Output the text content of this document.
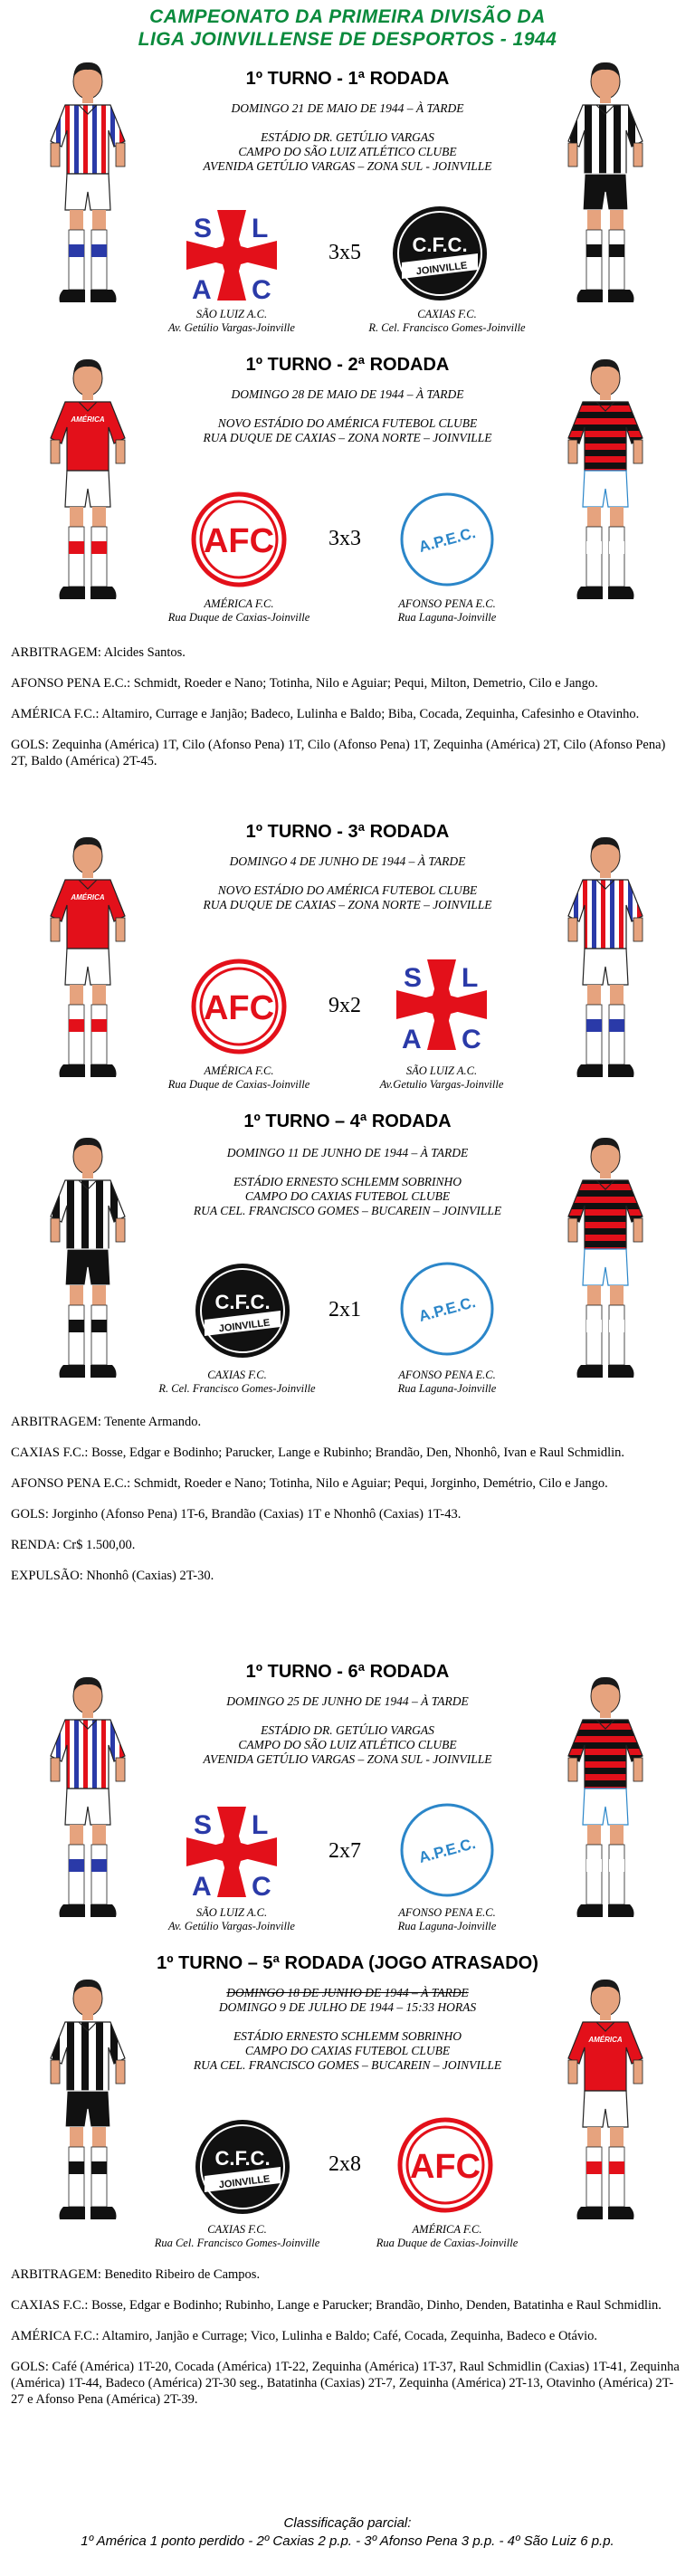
CAMPEONATO DA PRIMEIRA DIVISÃO DA
LIGA JOINVILLENSE DE DESPORTOS - 1944
1º TURNO - 1ª RODADA
DOMINGO 21 DE MAIO DE 1944 – À TARDE
ESTÁDIO DR. GETÚLIO VARGAS
CAMPO DO SÃO LUIZ ATLÉTICO CLUBE
AVENIDA GETÚLIO VARGAS – ZONA SUL - JOINVILLE
S L
A C
3x5	C.F.C.
JOINVILLE
SÃO LUIZ A.C.
Av. Getúlio Vargas-Joinville
CAXIAS F.C.
R. Cel. Francisco Gomes-Joinville
1º TURNO - 2ª RODADA
DOMINGO 28 DE MAIO DE 1944 – À TARDE
NOVO ESTÁDIO DO AMÉRICA FUTEBOL CLUBE
RUA DUQUE DE CAXIAS – ZONA NORTE – JOINVILLE
AMÉRICA
AFC	3x3	A.P.E.C.
AMÉRICA F.C.
Rua Duque de Caxias-Joinville
AFONSO PENA E.C.
Rua Laguna-Joinville

ARBITRAGEM: Alcides Santos.

AFONSO PENA E.C.: Schmidt, Roeder e Nano; Totinha, Nilo e Aguiar; Pequi, Milton, Demetrio, Cilo e Jango.

AMÉRICA F.C.: Altamiro, Currage e Janjão; Badeco, Lulinha e Baldo; Biba, Cocada, Zequinha, Cafesinho e Otavinho.

GOLS: Zequinha (América) 1T, Cilo (Afonso Pena) 1T, Cilo (Afonso Pena) 1T, Zequinha (América) 2T, Cilo (Afonso Pena) 2T, Baldo (América) 2T-45.

1º TURNO - 3ª RODADA
DOMINGO 4 DE JUNHO DE 1944 – À TARDE
NOVO ESTÁDIO DO AMÉRICA FUTEBOL CLUBE
RUA DUQUE DE CAXIAS – ZONA NORTE – JOINVILLE
AMÉRICA
AFC	9x2
S L
A C
AMÉRICA F.C.
Rua Duque de Caxias-Joinville
SÃO LUIZ A.C.
Av.Getulio Vargas-Joinville
1º TURNO – 4ª RODADA
DOMINGO 11 DE JUNHO DE 1944 – À TARDE
ESTÁDIO ERNESTO SCHLEMM SOBRINHO
CAMPO DO CAXIAS FUTEBOL CLUBE
RUA CEL. FRANCISCO GOMES – BUCAREIN – JOINVILLE
C.F.C.
JOINVILLE
2x1	A.P.E.C.
CAXIAS F.C.
R. Cel. Francisco Gomes-Joinville
AFONSO PENA E.C.
Rua Laguna-Joinville

ARBITRAGEM: Tenente Armando.

CAXIAS F.C.: Bosse, Edgar e Bodinho; Parucker, Lange e Rubinho; Brandão, Den, Nhonhô, Ivan e Raul Schmidlin.

AFONSO PENA E.C.: Schmidt, Roeder e Nano; Totinha, Nilo e Aguiar; Pequi, Jorginho, Demétrio, Cilo e Jango.

GOLS: Jorginho (Afonso Pena) 1T-6, Brandão (Caxias) 1T e Nhonhô (Caxias) 1T-43.

RENDA: Cr$ 1.500,00.

EXPULSÃO: Nhonhô (Caxias) 2T-30.

1º TURNO - 6ª RODADA
DOMINGO 25 DE JUNHO DE 1944 – À TARDE
ESTÁDIO DR. GETÚLIO VARGAS
CAMPO DO SÃO LUIZ ATLÉTICO CLUBE
AVENIDA GETÚLIO VARGAS – ZONA SUL - JOINVILLE
S L
A C
2x7	A.P.E.C.
SÃO LUIZ A.C.
Av. Getúlio Vargas-Joinville
AFONSO PENA E.C.
Rua Laguna-Joinville
1º TURNO – 5ª RODADA (JOGO ATRASADO)
DOMINGO 18 DE JUNHO DE 1944 – À TARDE
DOMINGO 9 DE JULHO DE 1944 – 15:33 HORAS
ESTÁDIO ERNESTO SCHLEMM SOBRINHO
CAMPO DO CAXIAS FUTEBOL CLUBE
RUA CEL. FRANCISCO GOMES – BUCAREIN – JOINVILLE
AMÉRICA
C.F.C.
JOINVILLE
2x8	AFC
CAXIAS F.C.
Rua Cel. Francisco Gomes-Joinville
AMÉRICA F.C.
Rua Duque de Caxias-Joinville

ARBITRAGEM: Benedito Ribeiro de Campos.

CAXIAS F.C.: Bosse, Edgar e Bodinho; Rubinho, Lange e Parucker; Brandão, Dinho, Denden, Batatinha e Raul Schmidlin.

AMÉRICA F.C.: Altamiro, Janjão e Currage; Vico, Lulinha e Baldo; Café, Cocada, Zequinha, Badeco e Otávio.

GOLS: Café (América) 1T-20, Cocada (América) 1T-22, Zequinha (América) 1T-37, Raul Schmidlin (Caxias) 1T-41, Zequinha (América) 1T-44, Badeco (América) 2T-30 seg., Batatinha (Caxias) 2T-7, Zequinha (América) 2T-13, Otavinho (América) 2T-27 e Afonso Pena (América) 2T-39.

Classificação parcial:
1º América 1 ponto perdido - 2º Caxias 2 p.p. - 3º Afonso Pena 3 p.p. - 4º São Luiz 6 p.p.
